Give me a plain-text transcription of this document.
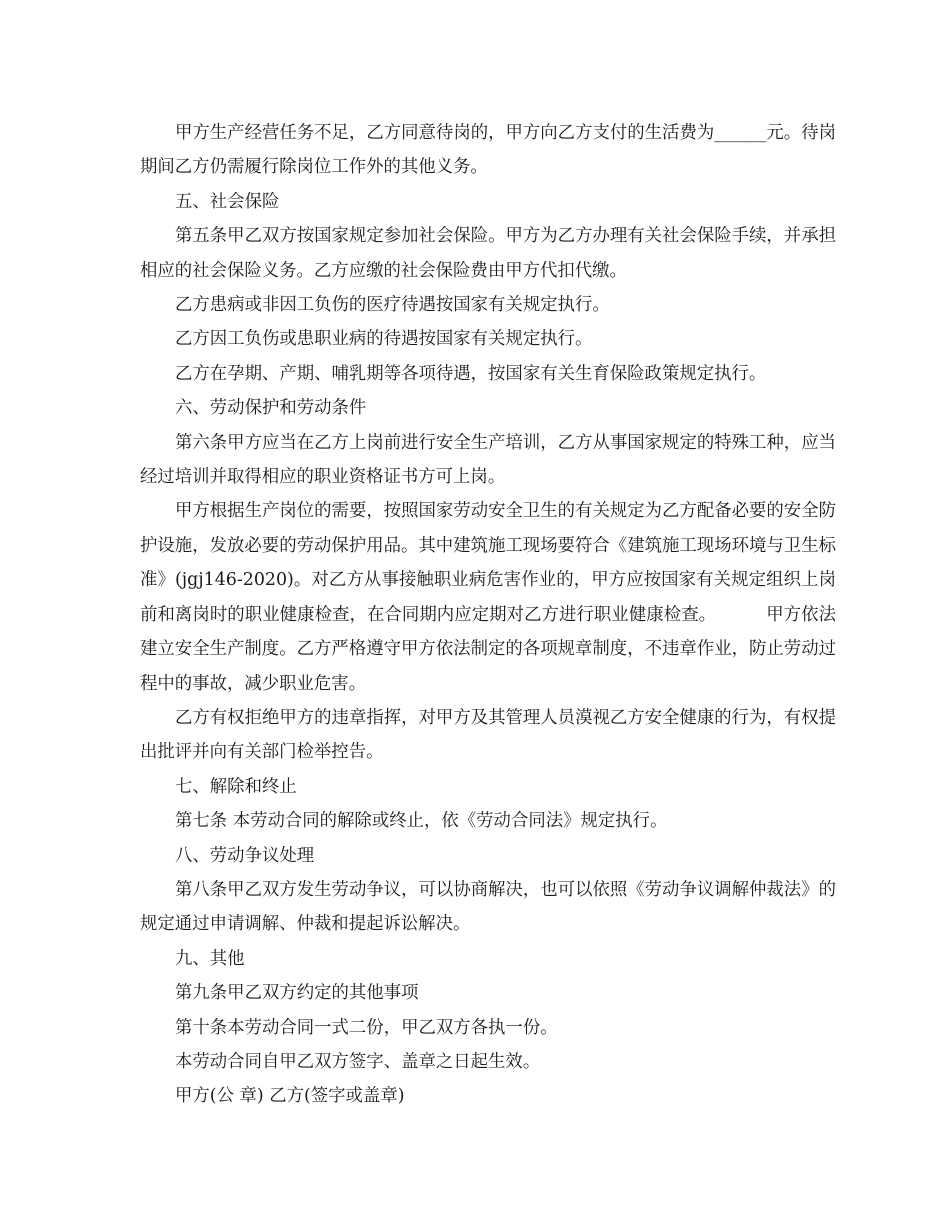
甲方生产经营任务不足，乙方同意待岗的，甲方向乙方支付的生活费为______元。待岗期间乙方仍需履行除岗位工作外的其他义务。

五、社会保险

第五条甲乙双方按国家规定参加社会保险。甲方为乙方办理有关社会保险手续，并承担相应的社会保险义务。乙方应缴的社会保险费由甲方代扣代缴。

乙方患病或非因工负伤的医疗待遇按国家有关规定执行。

乙方因工负伤或患职业病的待遇按国家有关规定执行。

乙方在孕期、产期、哺乳期等各项待遇，按国家有关生育保险政策规定执行。

六、劳动保护和劳动条件

第六条甲方应当在乙方上岗前进行安全生产培训，乙方从事国家规定的特殊工种，应当经过培训并取得相应的职业资格证书方可上岗。

甲方根据生产岗位的需要，按照国家劳动安全卫生的有关规定为乙方配备必要的安全防护设施，发放必要的劳动保护用品。其中建筑施工现场要符合《建筑施工现场环境与卫生标准》(jgj146-2020)。对乙方从事接触职业病危害作业的，甲方应按国家有关规定组织上岗前和离岗时的职业健康检查，在合同期内应定期对乙方进行职业健康检查。	甲方依法建立安全生产制度。乙方严格遵守甲方依法制定的各项规章制度，不违章作业，防止劳动过程中的事故，减少职业危害。

乙方有权拒绝甲方的违章指挥，对甲方及其管理人员漠视乙方安全健康的行为，有权提出批评并向有关部门检举控告。

七、解除和终止

第七条 本劳动合同的解除或终止，依《劳动合同法》规定执行。

八、劳动争议处理

第八条甲乙双方发生劳动争议，可以协商解决，也可以依照《劳动争议调解仲裁法》的规定通过申请调解、仲裁和提起诉讼解决。

九、其他

第九条甲乙双方约定的其他事项

第十条本劳动合同一式二份，甲乙双方各执一份。

本劳动合同自甲乙双方签字、盖章之日起生效。

甲方(公 章) 乙方(签字或盖章)
